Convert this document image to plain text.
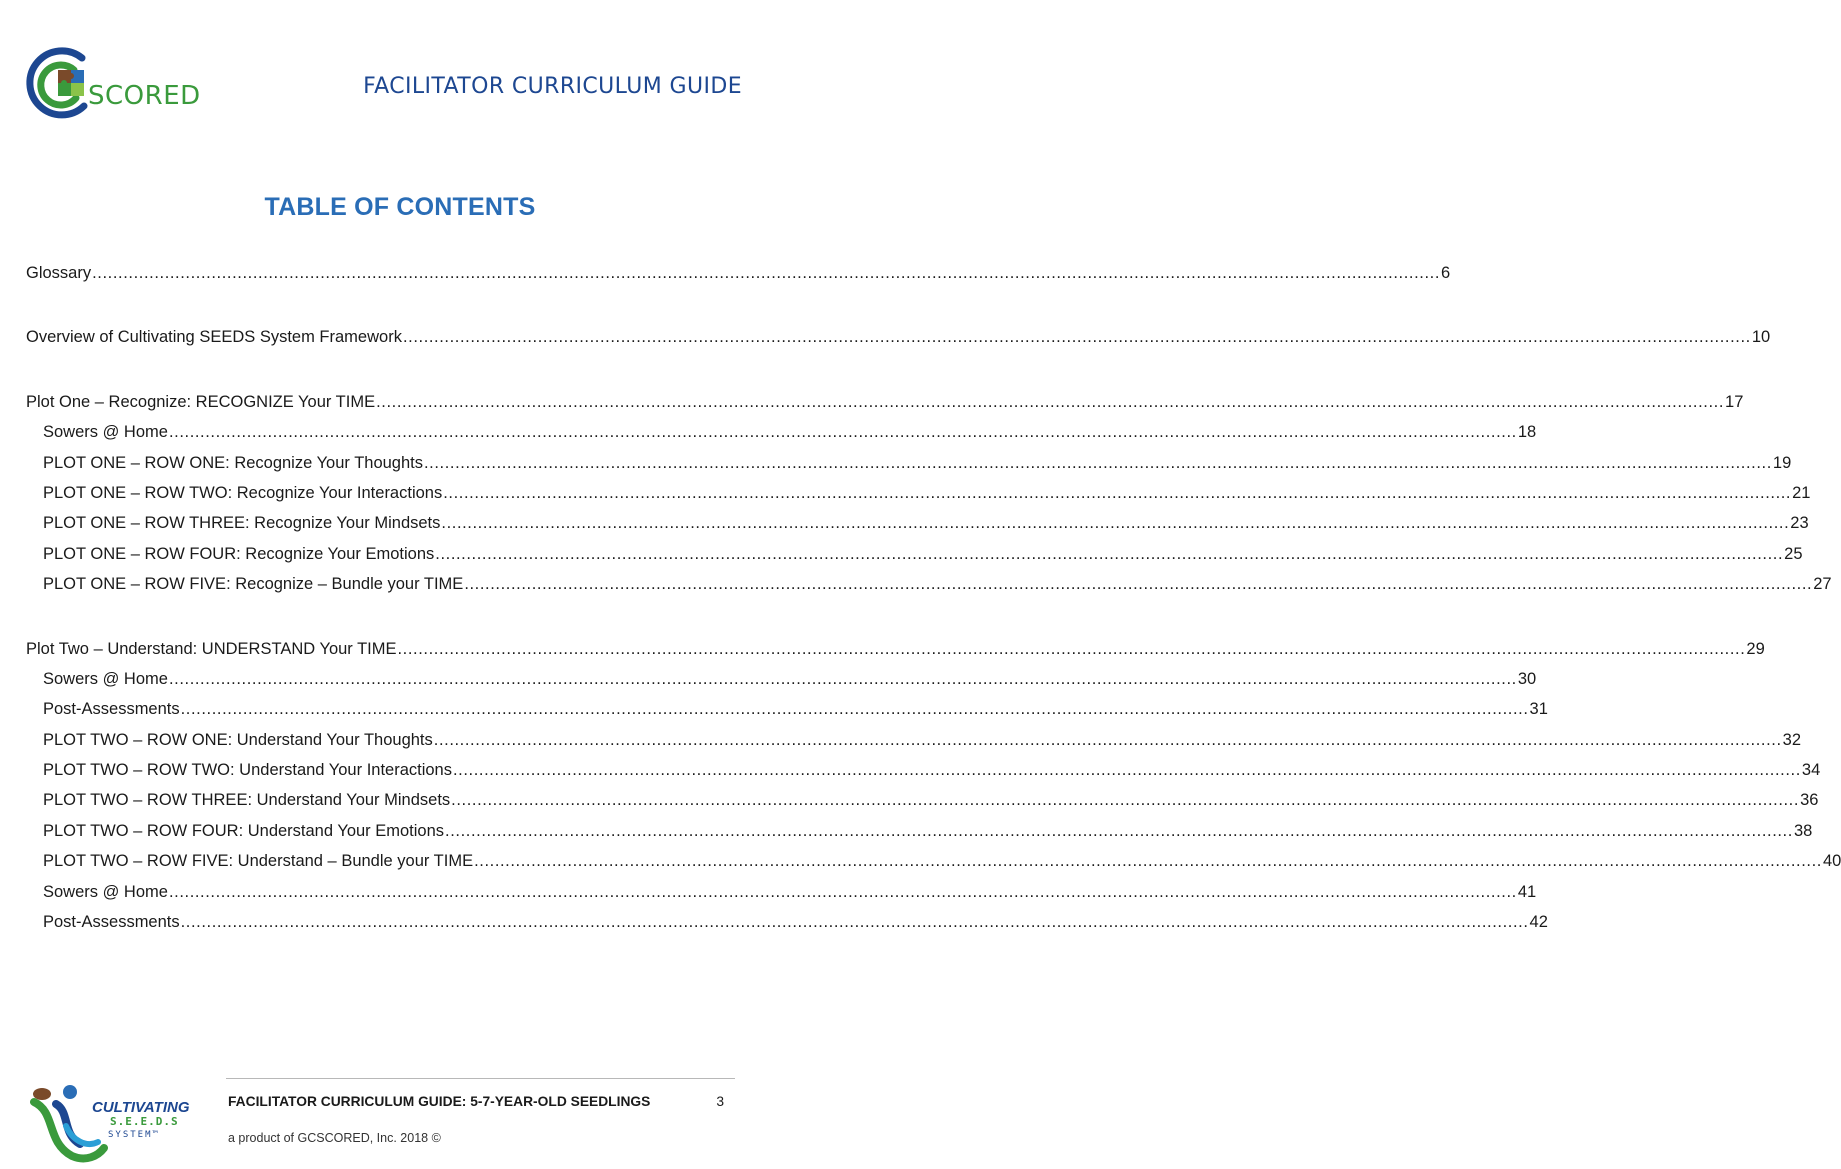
SCORED	FACILITATOR CURRICULUM GUIDE
TABLE OF CONTENTS
Glossary .................................................................................................................................................................................................................................................................... 6
Overview of Cultivating SEEDS System Framework .................................................................................................................................................................................................................................................................... 10
Plot One – Recognize: RECOGNIZE Your TIME .................................................................................................................................................................................................................................................................... 17
Sowers @ Home .................................................................................................................................................................................................................................................................... 18
PLOT ONE – ROW ONE: Recognize Your Thoughts .................................................................................................................................................................................................................................................................... 19
PLOT ONE – ROW TWO: Recognize Your Interactions .................................................................................................................................................................................................................................................................... 21
PLOT ONE – ROW THREE: Recognize Your Mindsets .................................................................................................................................................................................................................................................................... 23
PLOT ONE – ROW FOUR: Recognize Your Emotions .................................................................................................................................................................................................................................................................... 25
PLOT ONE – ROW FIVE: Recognize – Bundle your TIME .................................................................................................................................................................................................................................................................... 27
Plot Two – Understand: UNDERSTAND Your TIME .................................................................................................................................................................................................................................................................... 29
Sowers @ Home .................................................................................................................................................................................................................................................................... 30
Post-Assessments .................................................................................................................................................................................................................................................................... 31
PLOT TWO – ROW ONE: Understand Your Thoughts .................................................................................................................................................................................................................................................................... 32
PLOT TWO – ROW TWO: Understand Your Interactions .................................................................................................................................................................................................................................................................... 34
PLOT TWO – ROW THREE: Understand Your Mindsets .................................................................................................................................................................................................................................................................... 36
PLOT TWO – ROW FOUR: Understand Your Emotions .................................................................................................................................................................................................................................................................... 38
PLOT TWO – ROW FIVE: Understand – Bundle your TIME .................................................................................................................................................................................................................................................................... 40
Sowers @ Home .................................................................................................................................................................................................................................................................... 41
Post-Assessments .................................................................................................................................................................................................................................................................... 42
CULTIVATING
S.E.E.D.S
SYSTEM™

FACILITATOR CURRICULUM GUIDE: 5-7-YEAR-OLD SEEDLINGS	3
a product of GCSCORED, Inc. 2018 ©
